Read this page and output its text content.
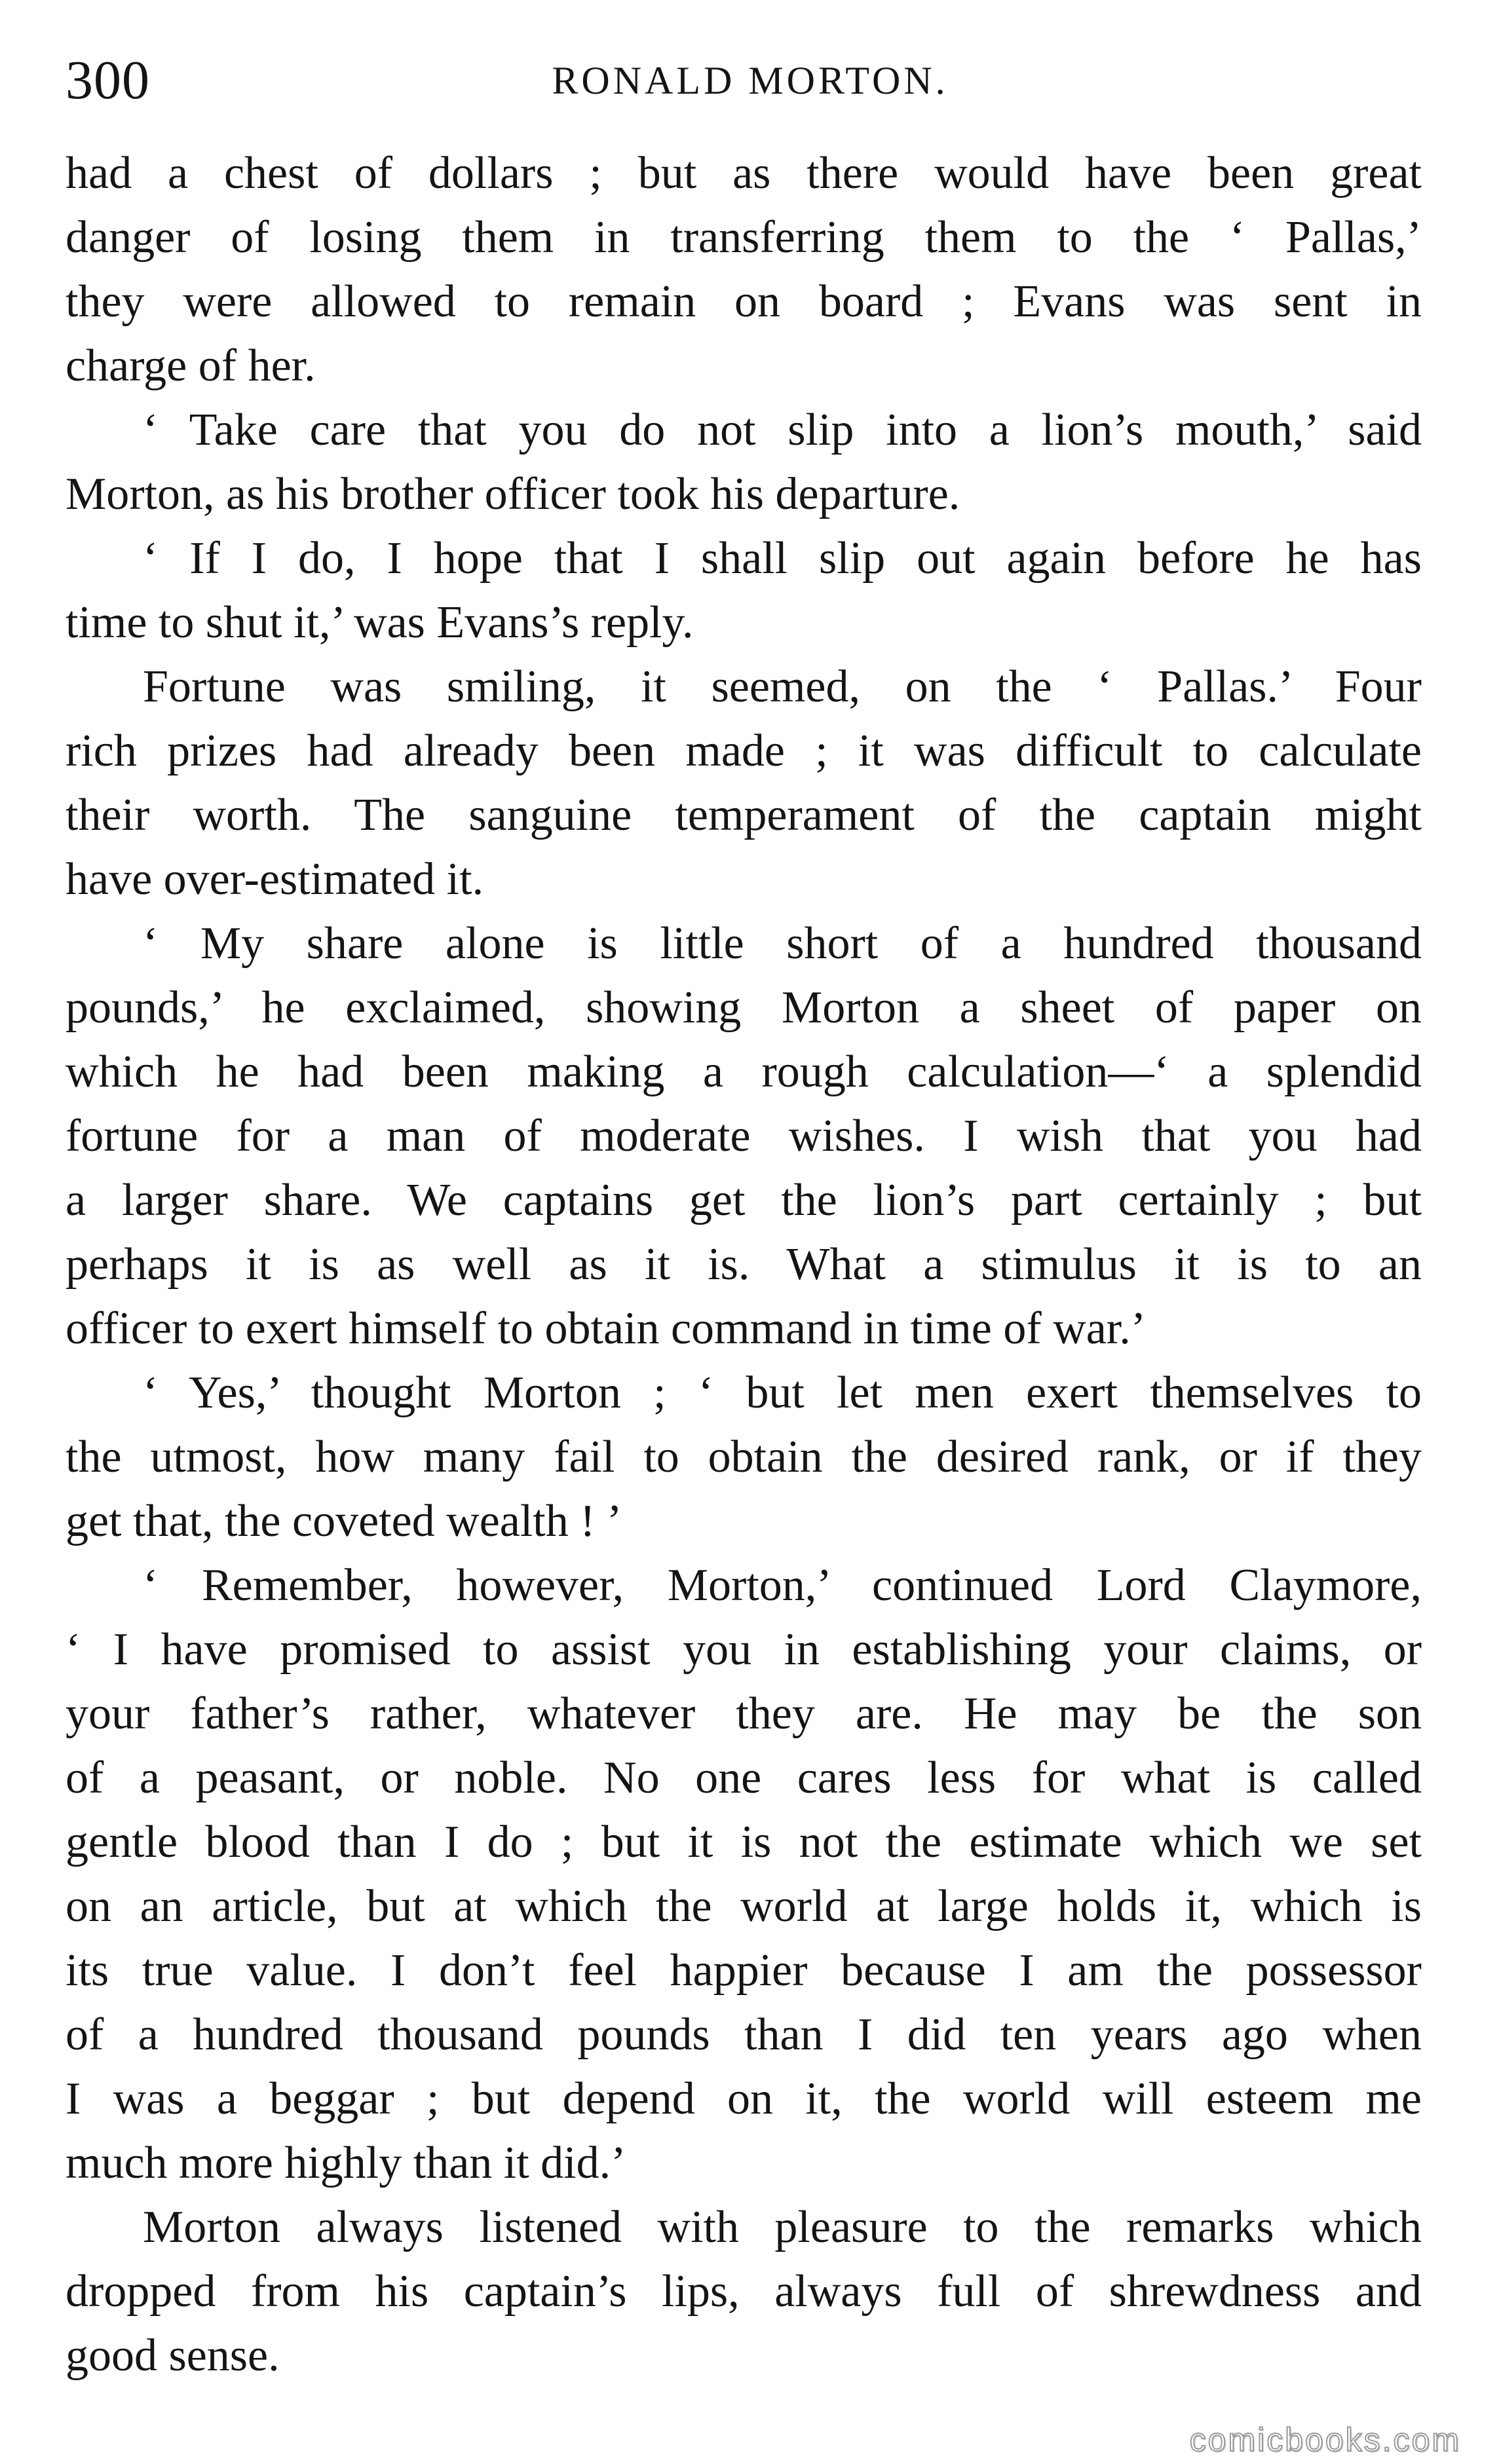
RONALD MORTON.
300
had a chest of dollars ; but as there would have been great
danger of losing them in transferring them to the ‘ Pallas,’
they were allowed to remain on board ; Evans was sent in
charge of her.
‘ Take care that you do not slip into a lion’s mouth,’ said
Morton, as his brother officer took his departure.
‘ If I do, I hope that I shall slip out again before he has
time to shut it,’ was Evans’s reply.
Fortune was smiling, it seemed, on the ‘ Pallas.’ Four
rich prizes had already been made ; it was difficult to calculate
their worth. The sanguine temperament of the captain might
have over-estimated it.
‘ My share alone is little short of a hundred thousand
pounds,’ he exclaimed, showing Morton a sheet of paper on
which he had been making a rough calculation—‘ a splendid
fortune for a man of moderate wishes. I wish that you had
a larger share. We captains get the lion’s part certainly ; but
perhaps it is as well as it is. What a stimulus it is to an
officer to exert himself to obtain command in time of war.’
‘ Yes,’ thought Morton ; ‘ but let men exert themselves to
the utmost, how many fail to obtain the desired rank, or if they
get that, the coveted wealth ! ’
‘ Remember, however, Morton,’ continued Lord Claymore,
‘ I have promised to assist you in establishing your claims, or
your father’s rather, whatever they are. He may be the son
of a peasant, or noble. No one cares less for what is called
gentle blood than I do ; but it is not the estimate which we set
on an article, but at which the world at large holds it, which is
its true value. I don’t feel happier because I am the possessor
of a hundred thousand pounds than I did ten years ago when
I was a beggar ; but depend on it, the world will esteem me
much more highly than it did.’
Morton always listened with pleasure to the remarks which
dropped from his captain’s lips, always full of shrewdness and
good sense.
comicbooks.com
